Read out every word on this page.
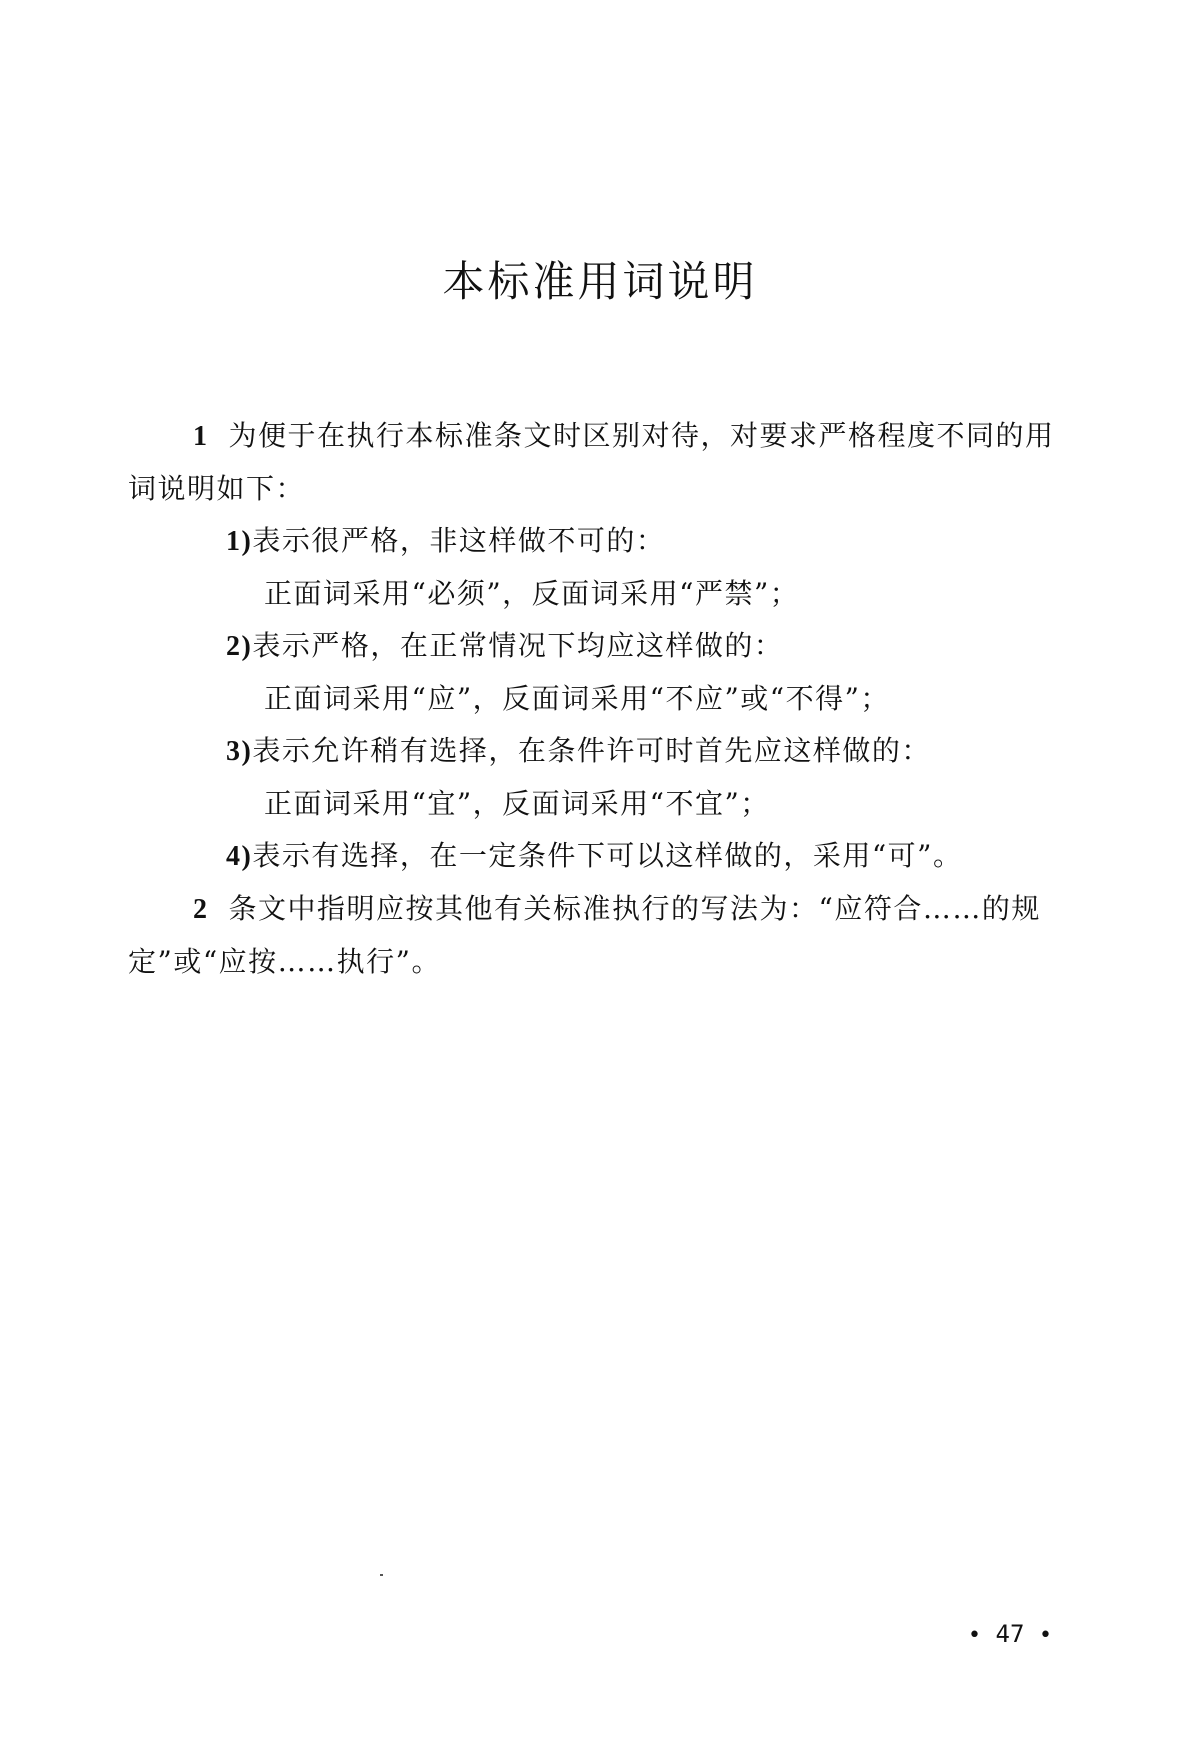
本标准用词说明

1 为便于在执行本标准条文时区别对待，对要求严格程度不同的用词说明如下：

1)表示很严格，非这样做不可的：

正面词采用“必须”，反面词采用“严禁”；

2)表示严格，在正常情况下均应这样做的：

正面词采用“应”，反面词采用“不应”或“不得”；

3)表示允许稍有选择，在条件许可时首先应这样做的：

正面词采用“宜”，反面词采用“不宜”；

4)表示有选择，在一定条件下可以这样做的，采用“可”。

2 条文中指明应按其他有关标准执行的写法为：“应符合……的规定”或“应按……执行”。

• 47 •
